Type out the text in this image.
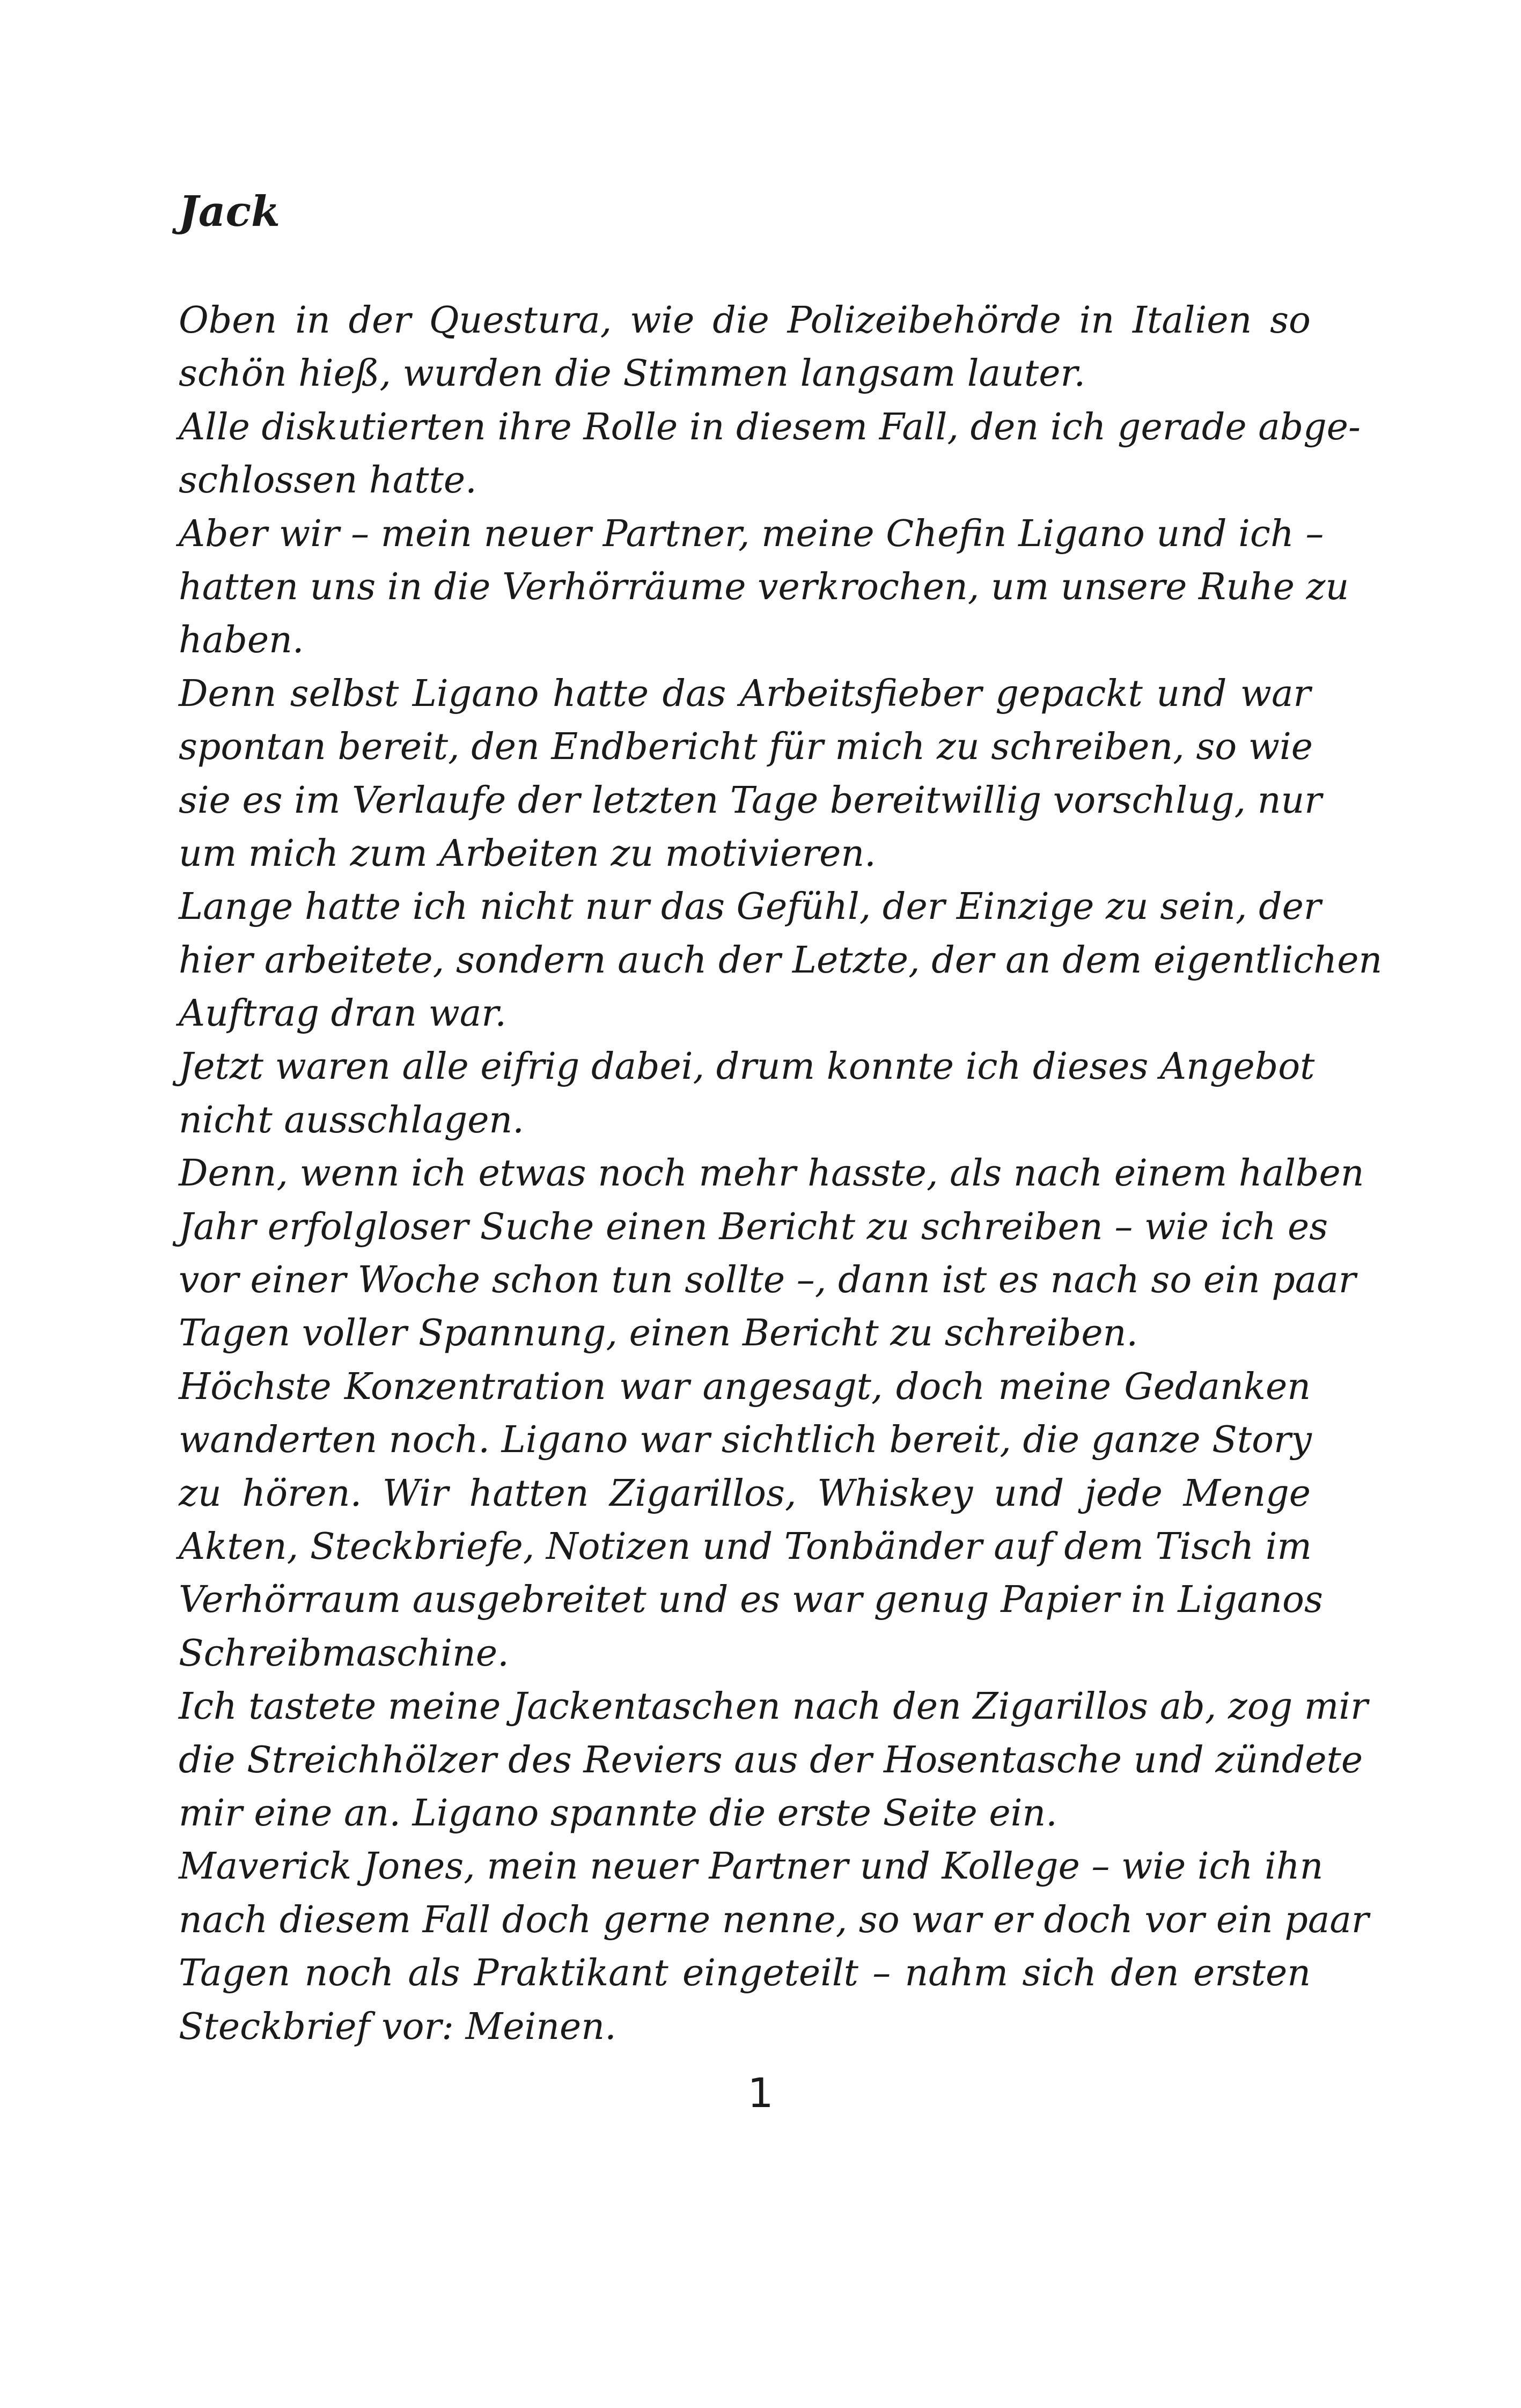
Jack
Oben in der Questura, wie die Polizeibehörde in Italien so
schön hieß, wurden die Stimmen langsam lauter.
Alle diskutierten ihre Rolle in diesem Fall, den ich gerade abge-
schlossen hatte.
Aber wir – mein neuer Partner, meine Chefin Ligano und ich –
hatten uns in die Verhörräume verkrochen, um unsere Ruhe zu
haben.
Denn selbst Ligano hatte das Arbeitsfieber gepackt und war
spontan bereit, den Endbericht für mich zu schreiben, so wie
sie es im Verlaufe der letzten Tage bereitwillig vorschlug, nur
um mich zum Arbeiten zu motivieren.
Lange hatte ich nicht nur das Gefühl, der Einzige zu sein, der
hier arbeitete, sondern auch der Letzte, der an dem eigentlichen
Auftrag dran war.
Jetzt waren alle eifrig dabei, drum konnte ich dieses Angebot
nicht ausschlagen.
Denn, wenn ich etwas noch mehr hasste, als nach einem halben
Jahr erfolgloser Suche einen Bericht zu schreiben – wie ich es
vor einer Woche schon tun sollte –, dann ist es nach so ein paar
Tagen voller Spannung, einen Bericht zu schreiben.
Höchste Konzentration war angesagt, doch meine Gedanken
wanderten noch. Ligano war sichtlich bereit, die ganze Story
zu hören. Wir hatten Zigarillos, Whiskey und jede Menge
Akten, Steckbriefe, Notizen und Tonbänder auf dem Tisch im
Verhörraum ausgebreitet und es war genug Papier in Liganos
Schreibmaschine.
Ich tastete meine Jackentaschen nach den Zigarillos ab, zog mir
die Streichhölzer des Reviers aus der Hosentasche und zündete
mir eine an. Ligano spannte die erste Seite ein.
Maverick Jones, mein neuer Partner und Kollege – wie ich ihn
nach diesem Fall doch gerne nenne, so war er doch vor ein paar
Tagen noch als Praktikant eingeteilt – nahm sich den ersten
Steckbrief vor: Meinen.
1
